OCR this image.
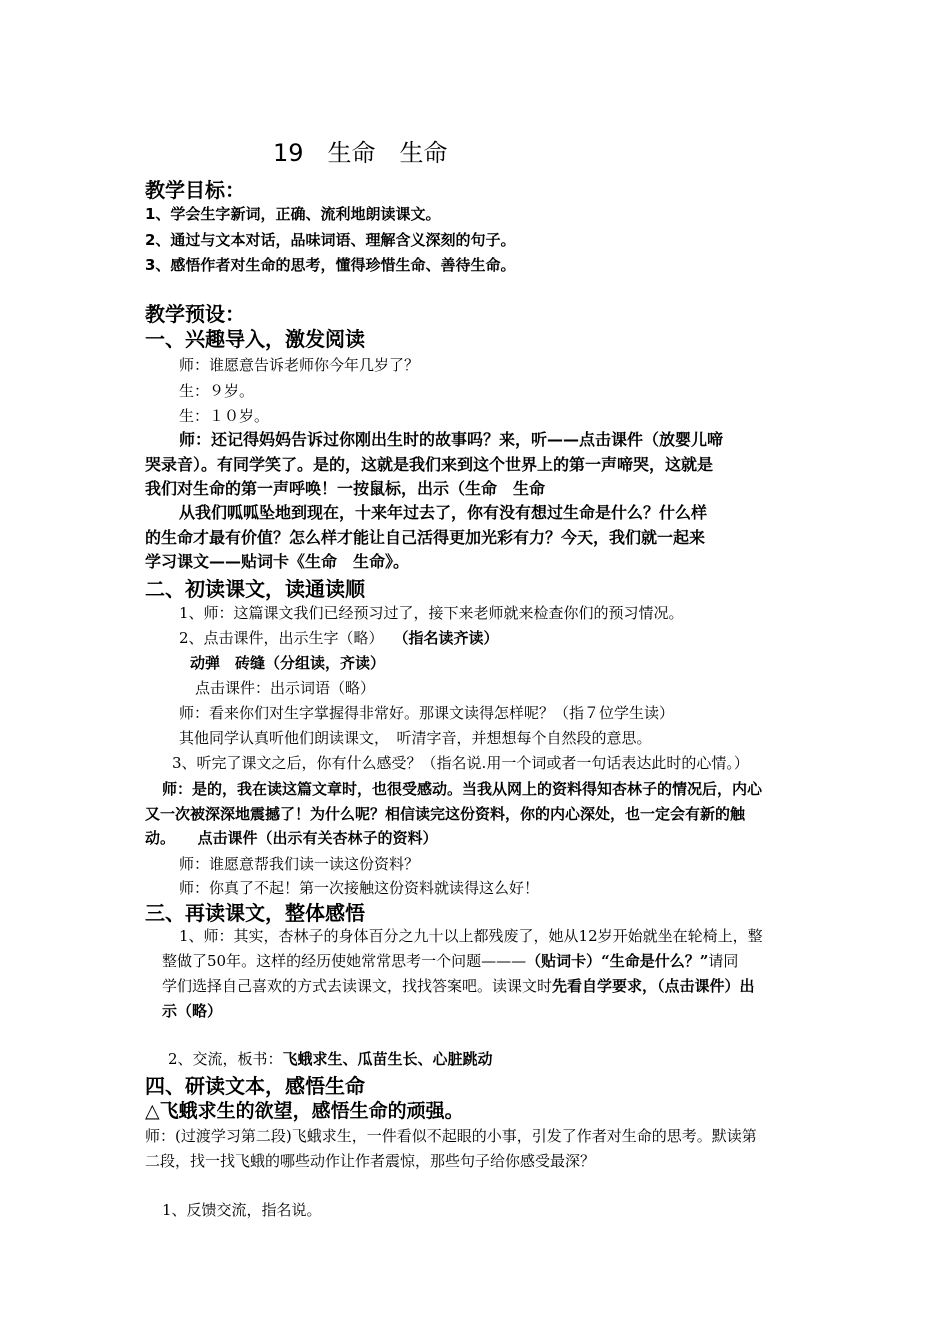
19　生命　生命
教学目标：
1、学会生字新词，正确、流利地朗读课文。
2、通过与文本对话，品味词语、理解含义深刻的句子。
3、感悟作者对生命的思考，懂得珍惜生命、善待生命。
教学预设：
一、兴趣导入，激发阅读
师：谁愿意告诉老师你今年几岁了？
生：９岁。
生：１０岁。
师：还记得妈妈告诉过你刚出生时的故事吗？来，听——点击课件（放婴儿啼
哭录音）。有同学笑了。是的，这就是我们来到这个世界上的第一声啼哭，这就是
我们对生命的第一声呼唤！一按鼠标，出示（生命　生命
从我们呱呱坠地到现在，十来年过去了，你有没有想过生命是什么？什么样
的生命才最有价值？怎么样才能让自己活得更加光彩有力？今天，我们就一起来
学习课文——贴词卡《生命　生命》。
二、初读课文，读通读顺
1、师：这篇课文我们已经预习过了，接下来老师就来检查你们的预习情况。
2、点击课件，出示生字（略） （指名读齐读）
动弹　砖缝（分组读，齐读）
点击课件：出示词语（略）
师：看来你们对生字掌握得非常好。那课文读得怎样呢？（指７位学生读）
其他同学认真听他们朗读课文，　听清字音，并想想每个自然段的意思。
3、听完了课文之后，你有什么感受？（指名说.用一个词或者一句话表达此时的心情。）
师：是的，我在读这篇文章时，也很受感动。当我从网上的资料得知杏林子的情况后，内心
又一次被深深地震撼了！为什么呢？相信读完这份资料，你的内心深处，也一定会有新的触
动。　　点击课件（出示有关杏林子的资料）
师：谁愿意帮我们读一读这份资料？
师：你真了不起！第一次接触这份资料就读得这么好！
三、再读课文，整体感悟
1、师：其实，杏林子的身体百分之九十以上都残废了，她从12岁开始就坐在轮椅上，整
整做了50年。这样的经历使她常常思考一个问题———（贴词卡）“生命是什么？”请同
学们选择自己喜欢的方式去读课文，找找答案吧。读课文时先看自学要求，（点击课件）出
示（略）
2、交流，板书：飞蛾求生、瓜苗生长、心脏跳动
四、研读文本，感悟生命
△飞蛾求生的欲望，感悟生命的顽强。
师：(过渡学习第二段)飞蛾求生，一件看似不起眼的小事，引发了作者对生命的思考。默读第
二段，找一找飞蛾的哪些动作让作者震惊，那些句子给你感受最深？
1、反馈交流，指名说。
